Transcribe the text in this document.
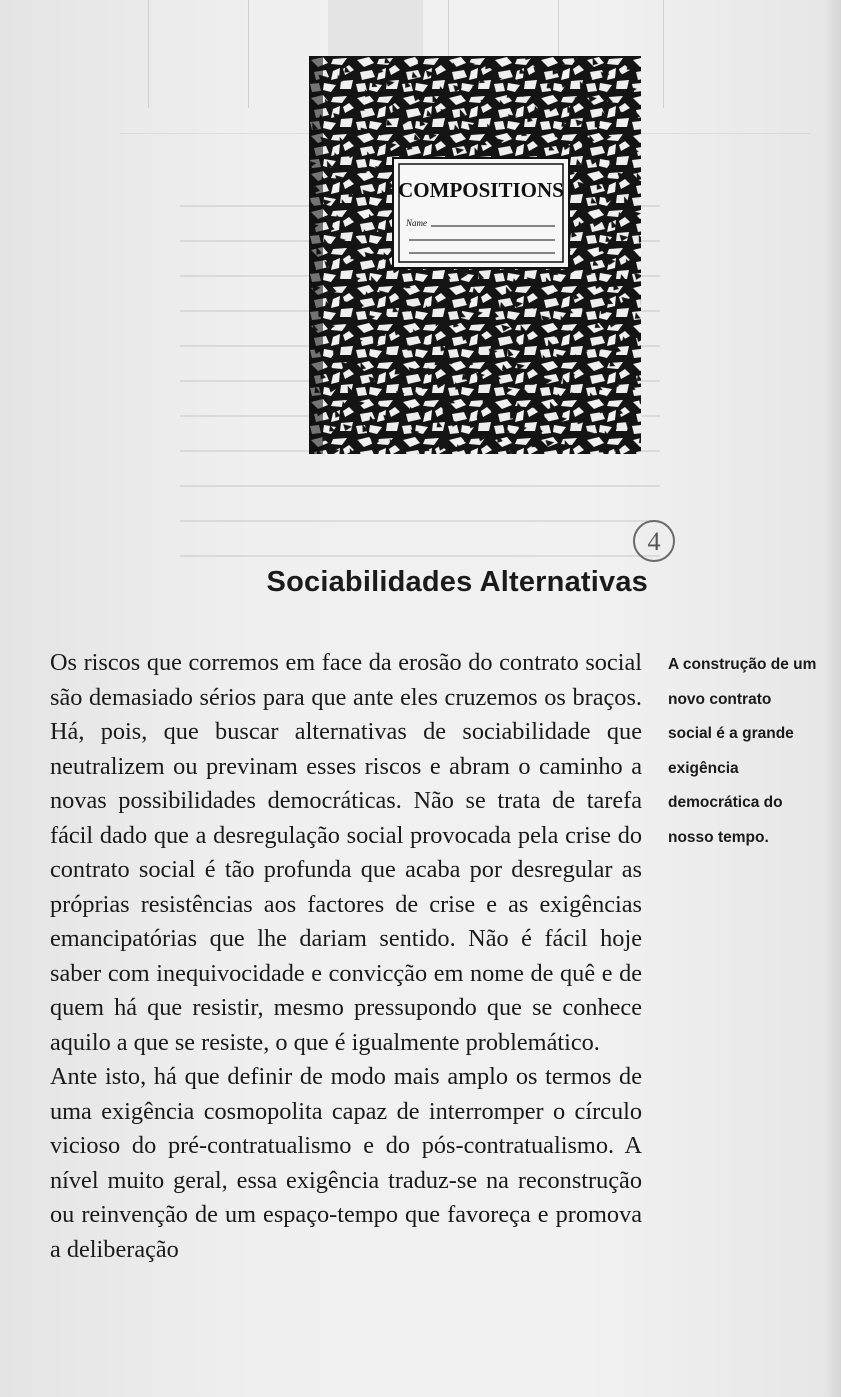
COMPOSITIONS
Name
4
Sociabilidades Alternativas

Os riscos que corremos em face da erosão do contrato social são demasiado sérios para que ante eles cruzemos os braços. Há, pois, que buscar alternativas de sociabilidade que neutralizem ou previnam esses riscos e abram o caminho a novas possibilidades democráticas. Não se trata de tarefa fácil dado que a desregulação social provocada pela crise do contrato social é tão profunda que acaba por desregular as próprias resistências aos factores de crise e as exigências emancipatórias que lhe dariam sentido. Não é fácil hoje saber com inequivocidade e convicção em nome de quê e de quem há que resistir, mesmo pressupondo que se conhece aquilo a que se resiste, o que é igualmente problemático.

Ante isto, há que definir de modo mais amplo os termos de uma exigência cosmopolita capaz de interromper o círculo vicioso do pré-contratualismo e do pós-contratualismo. A nível muito geral, essa exigência traduz-se na reconstrução ou reinvenção de um espaço-tempo que favoreça e promova a deliberação

A construção de um novo contrato social é a grande exigência democrática do nosso tempo.
